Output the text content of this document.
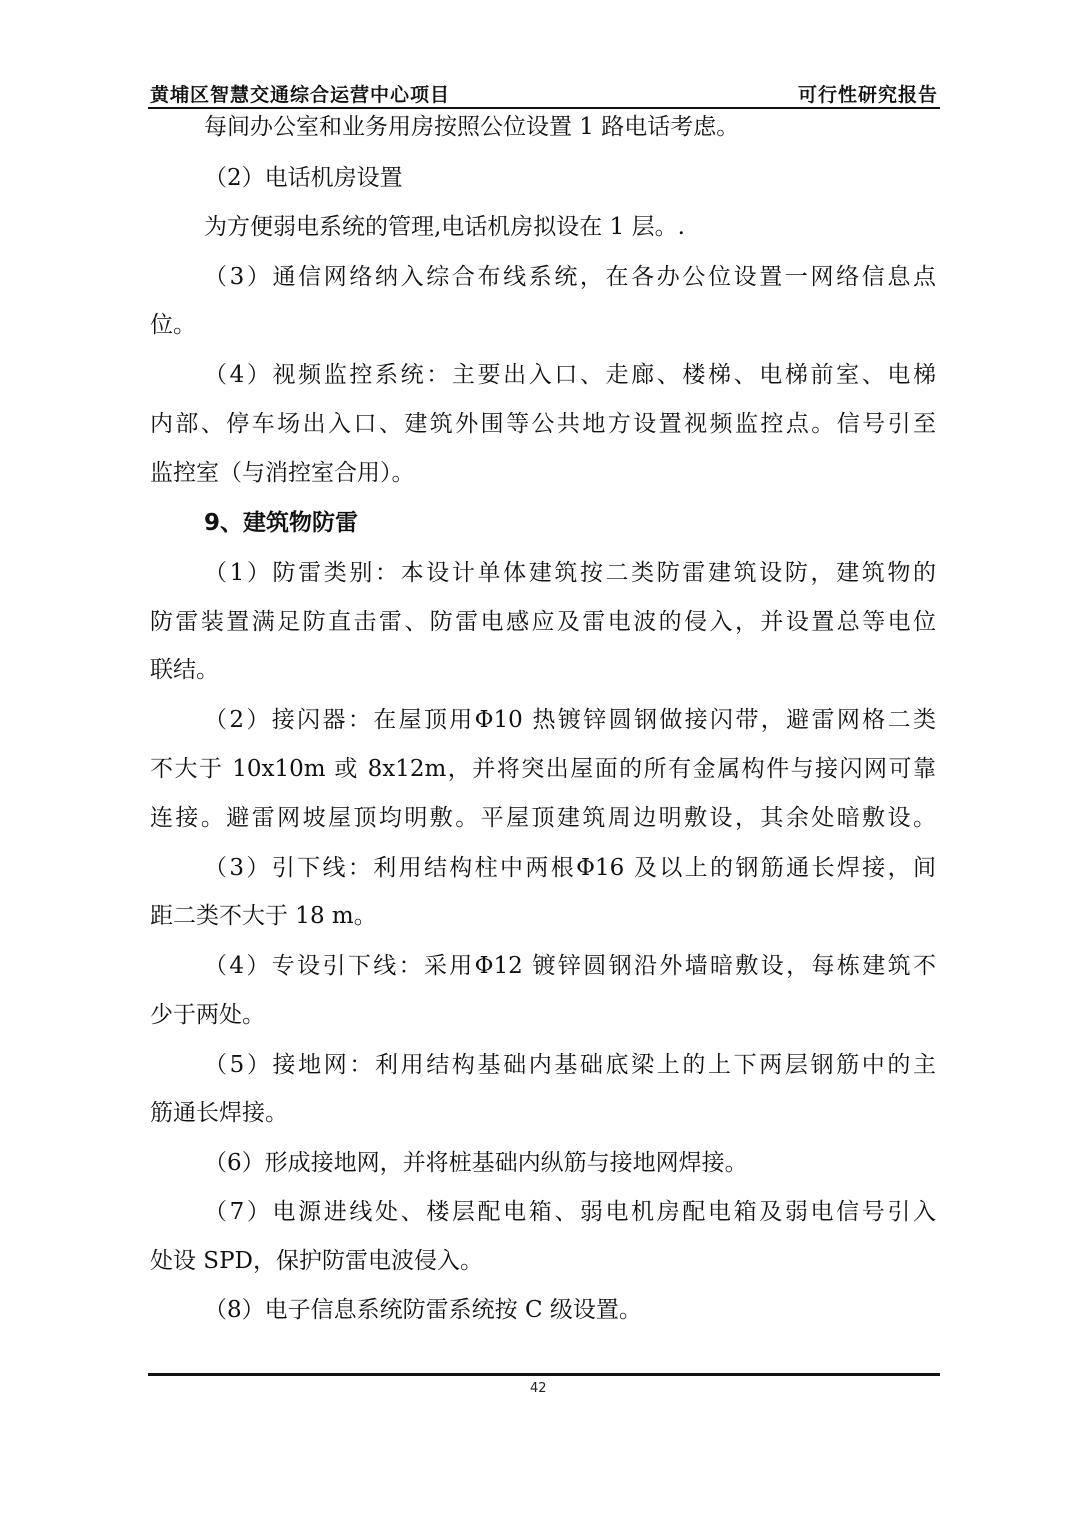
黄埔区智慧交通综合运营中心项目	可行性研究报告
每间办公室和业务用房按照公位设置 1 路电话考虑。
（2）电话机房设置
为方便弱电系统的管理,电话机房拟设在 1 层。.
（3）通信网络纳入综合布线系统，在各办公位设置一网络信息点
位。
（4）视频监控系统：主要出入口、走廊、楼梯、电梯前室、电梯
内部、停车场出入口、建筑外围等公共地方设置视频监控点。信号引至
监控室（与消控室合用）。
9、建筑物防雷
（1）防雷类别：本设计单体建筑按二类防雷建筑设防，建筑物的
防雷装置满足防直击雷、防雷电感应及雷电波的侵入，并设置总等电位
联结。
（2）接闪器：在屋顶用Φ10 热镀锌圆钢做接闪带，避雷网格二类
不大于 10x10m 或 8x12m，并将突出屋面的所有金属构件与接闪网可靠
连接。避雷网坡屋顶均明敷。平屋顶建筑周边明敷设，其余处暗敷设。
（3）引下线：利用结构柱中两根Φ16 及以上的钢筋通长焊接，间
距二类不大于 18 m。
（4）专设引下线：采用Φ12 镀锌圆钢沿外墙暗敷设，每栋建筑不
少于两处。
（5）接地网：利用结构基础内基础底梁上的上下两层钢筋中的主
筋通长焊接。
（6）形成接地网，并将桩基础内纵筋与接地网焊接。
（7）电源进线处、楼层配电箱、弱电机房配电箱及弱电信号引入
处设 SPD，保护防雷电波侵入。
（8）电子信息系统防雷系统按 C 级设置。
42
